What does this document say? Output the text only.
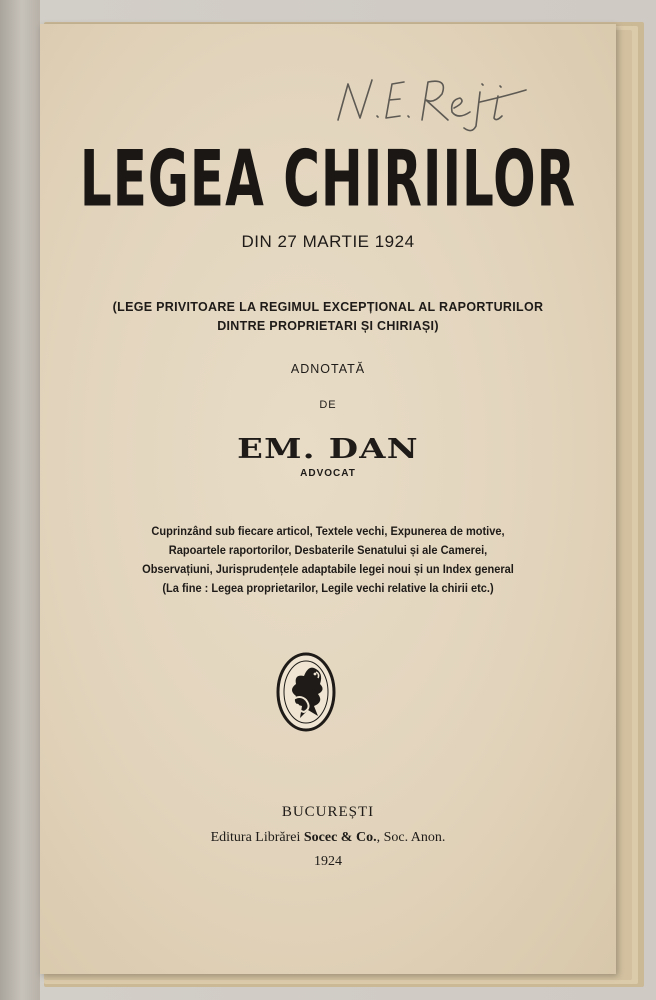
LEGEA CHIRIILOR
DIN 27 MARTIE 1924
(LEGE PRIVITOARE LA REGIMUL EXCEPȚIONAL AL RAPORTURILOR
DINTRE PROPRIETARI ȘI CHIRIAȘI)
ADNOTATĂ
DE
EM. DAN
ADVOCAT
Cuprinzând sub fiecare articol, Textele vechi, Expunerea de motive,
Rapoartele raportorilor, Desbaterile Senatului și ale Camerei,
Observațiuni, Jurisprudențele adaptabile legei noui și un Index general
(La fine : Legea proprietarilor, Legile vechi relative la chirii etc.)
BUCUREȘTI
Editura Librărei Socec & Co., Soc. Anon.
1924
